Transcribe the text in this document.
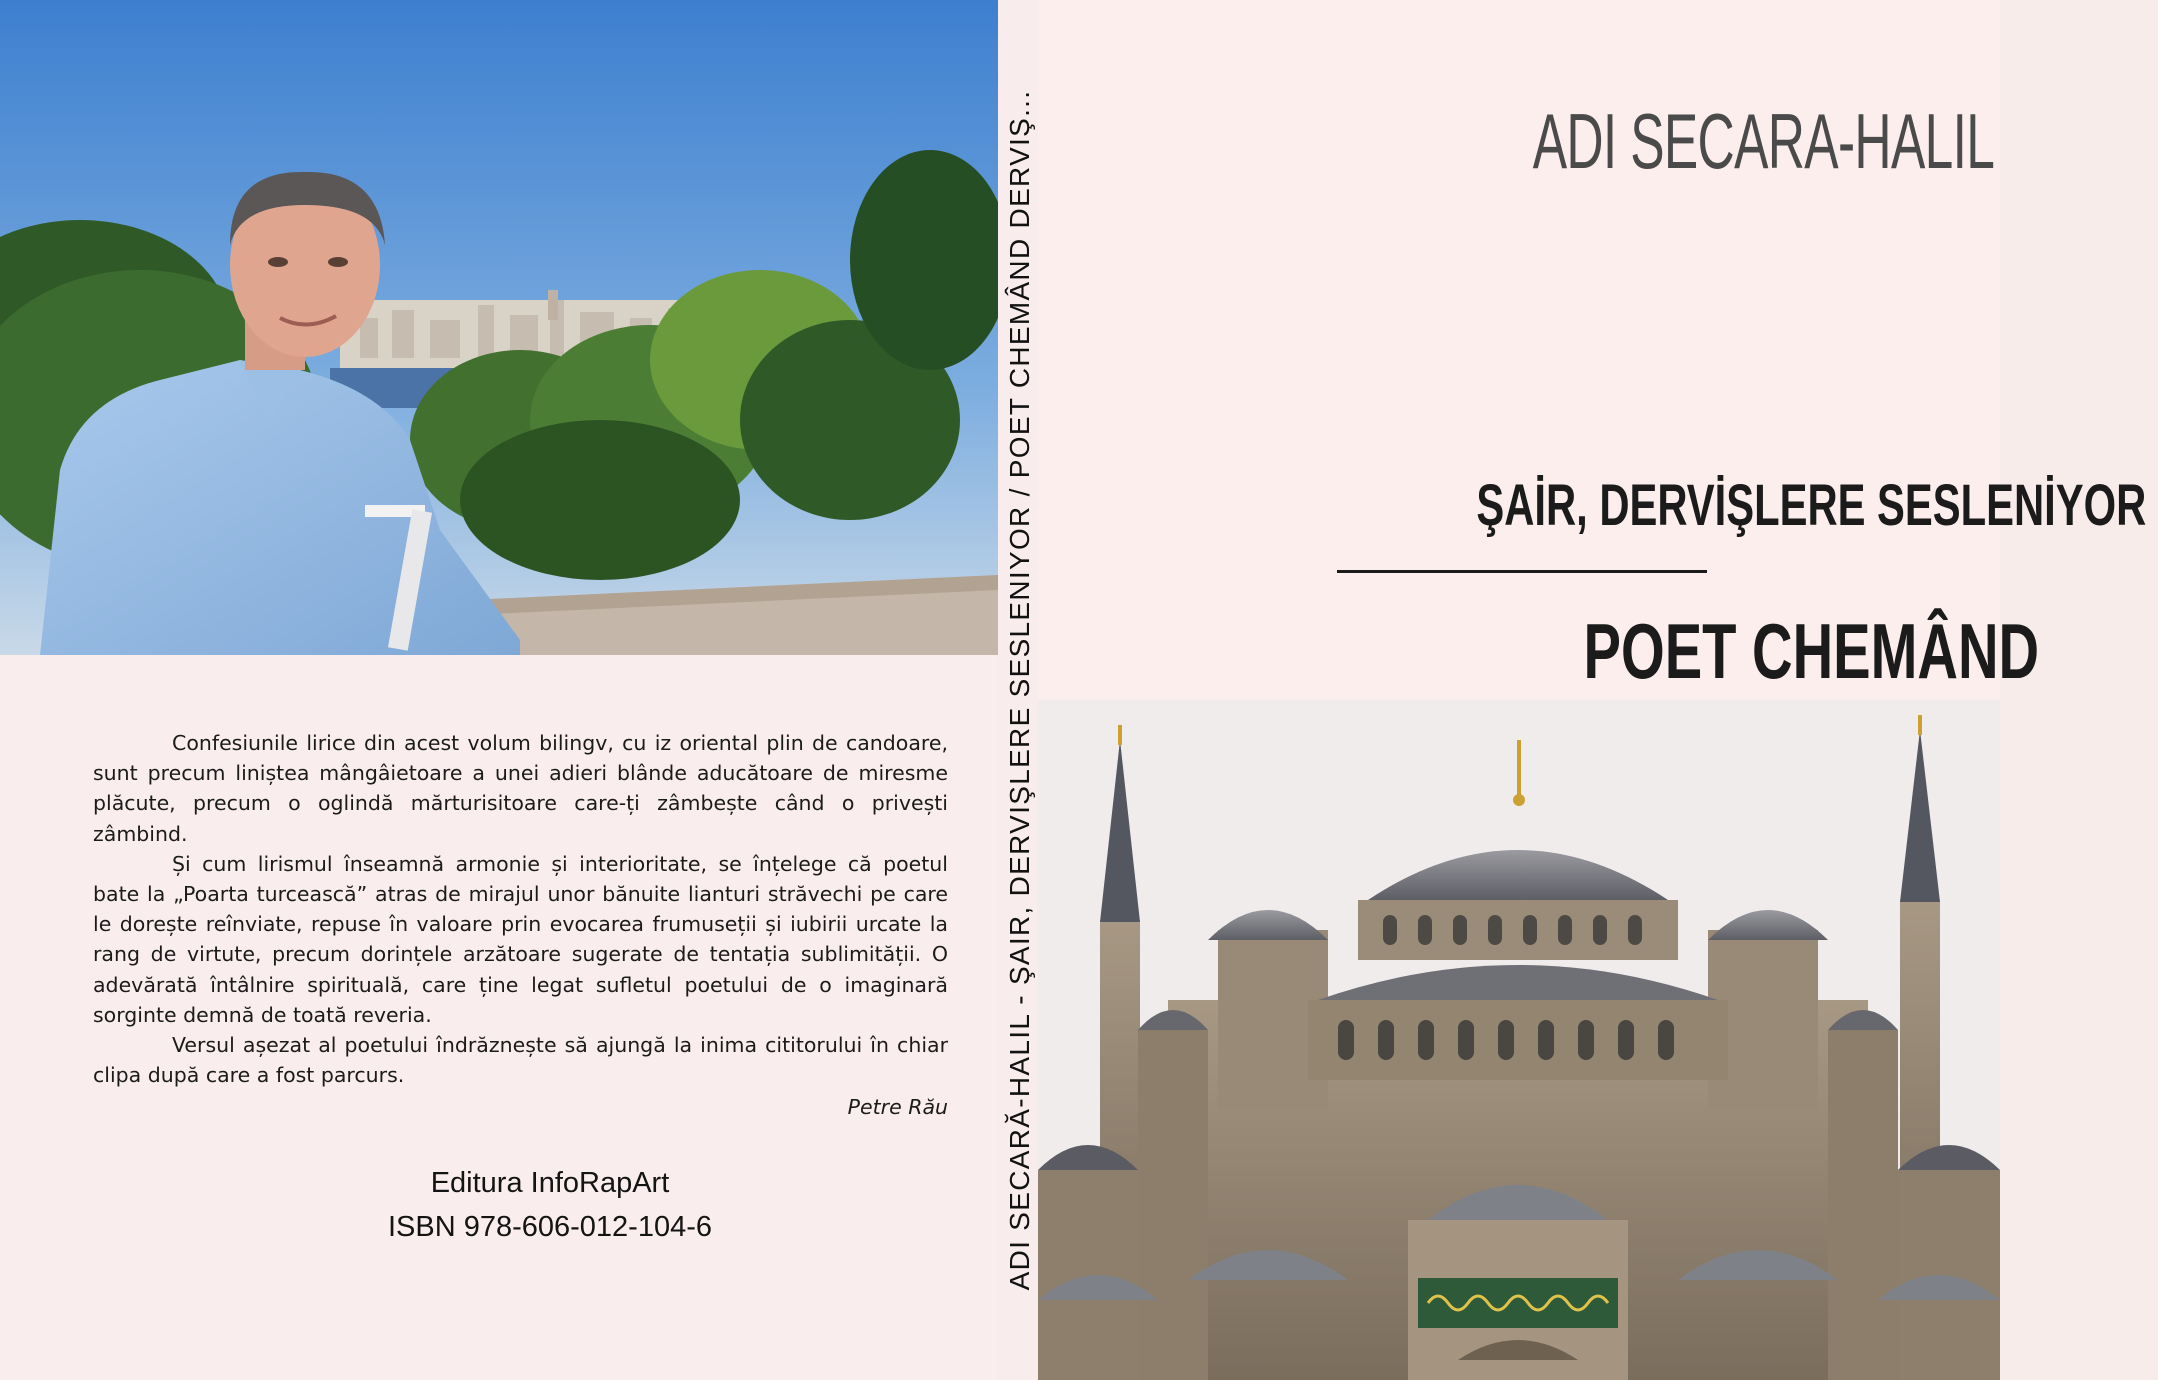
Confesiunile lirice din acest volum bilingv, cu iz oriental plin de candoare, sunt precum liniștea mângâietoare a unei adieri blânde aducătoare de miresme plăcute, precum o oglindă mărturisitoare care-ți zâmbește când o privești zâmbind.

Și cum lirismul înseamnă armonie și interioritate, se înțelege că poetul bate la „Poarta turcească” atras de mirajul unor bănuite lianturi străvechi pe care le dorește reînviate, repuse în valoare prin evocarea frumuseții și iubirii urcate la rang de virtute, precum dorințele arzătoare sugerate de tentația sublimității. O adevărată întâlnire spirituală, care ține legat sufletul poetului de o imaginară sorginte demnă de toată reveria.

Versul așezat al poetului îndrăznește să ajungă la inima cititorului în chiar clipa după care a fost parcurs.

Petre Rău

Editura InfoRapArt
ISBN 978-606-012-104-6	ADI SECARĂ-HALIL - ŞAIR, DERVIŞLERE SESLENIYOR / POET CHEMÂND DERVIŞ...	ADI SECARA-HALIL
ŞAİR, DERVİŞLERE SESLENİYOR
POET CHEMÂND
